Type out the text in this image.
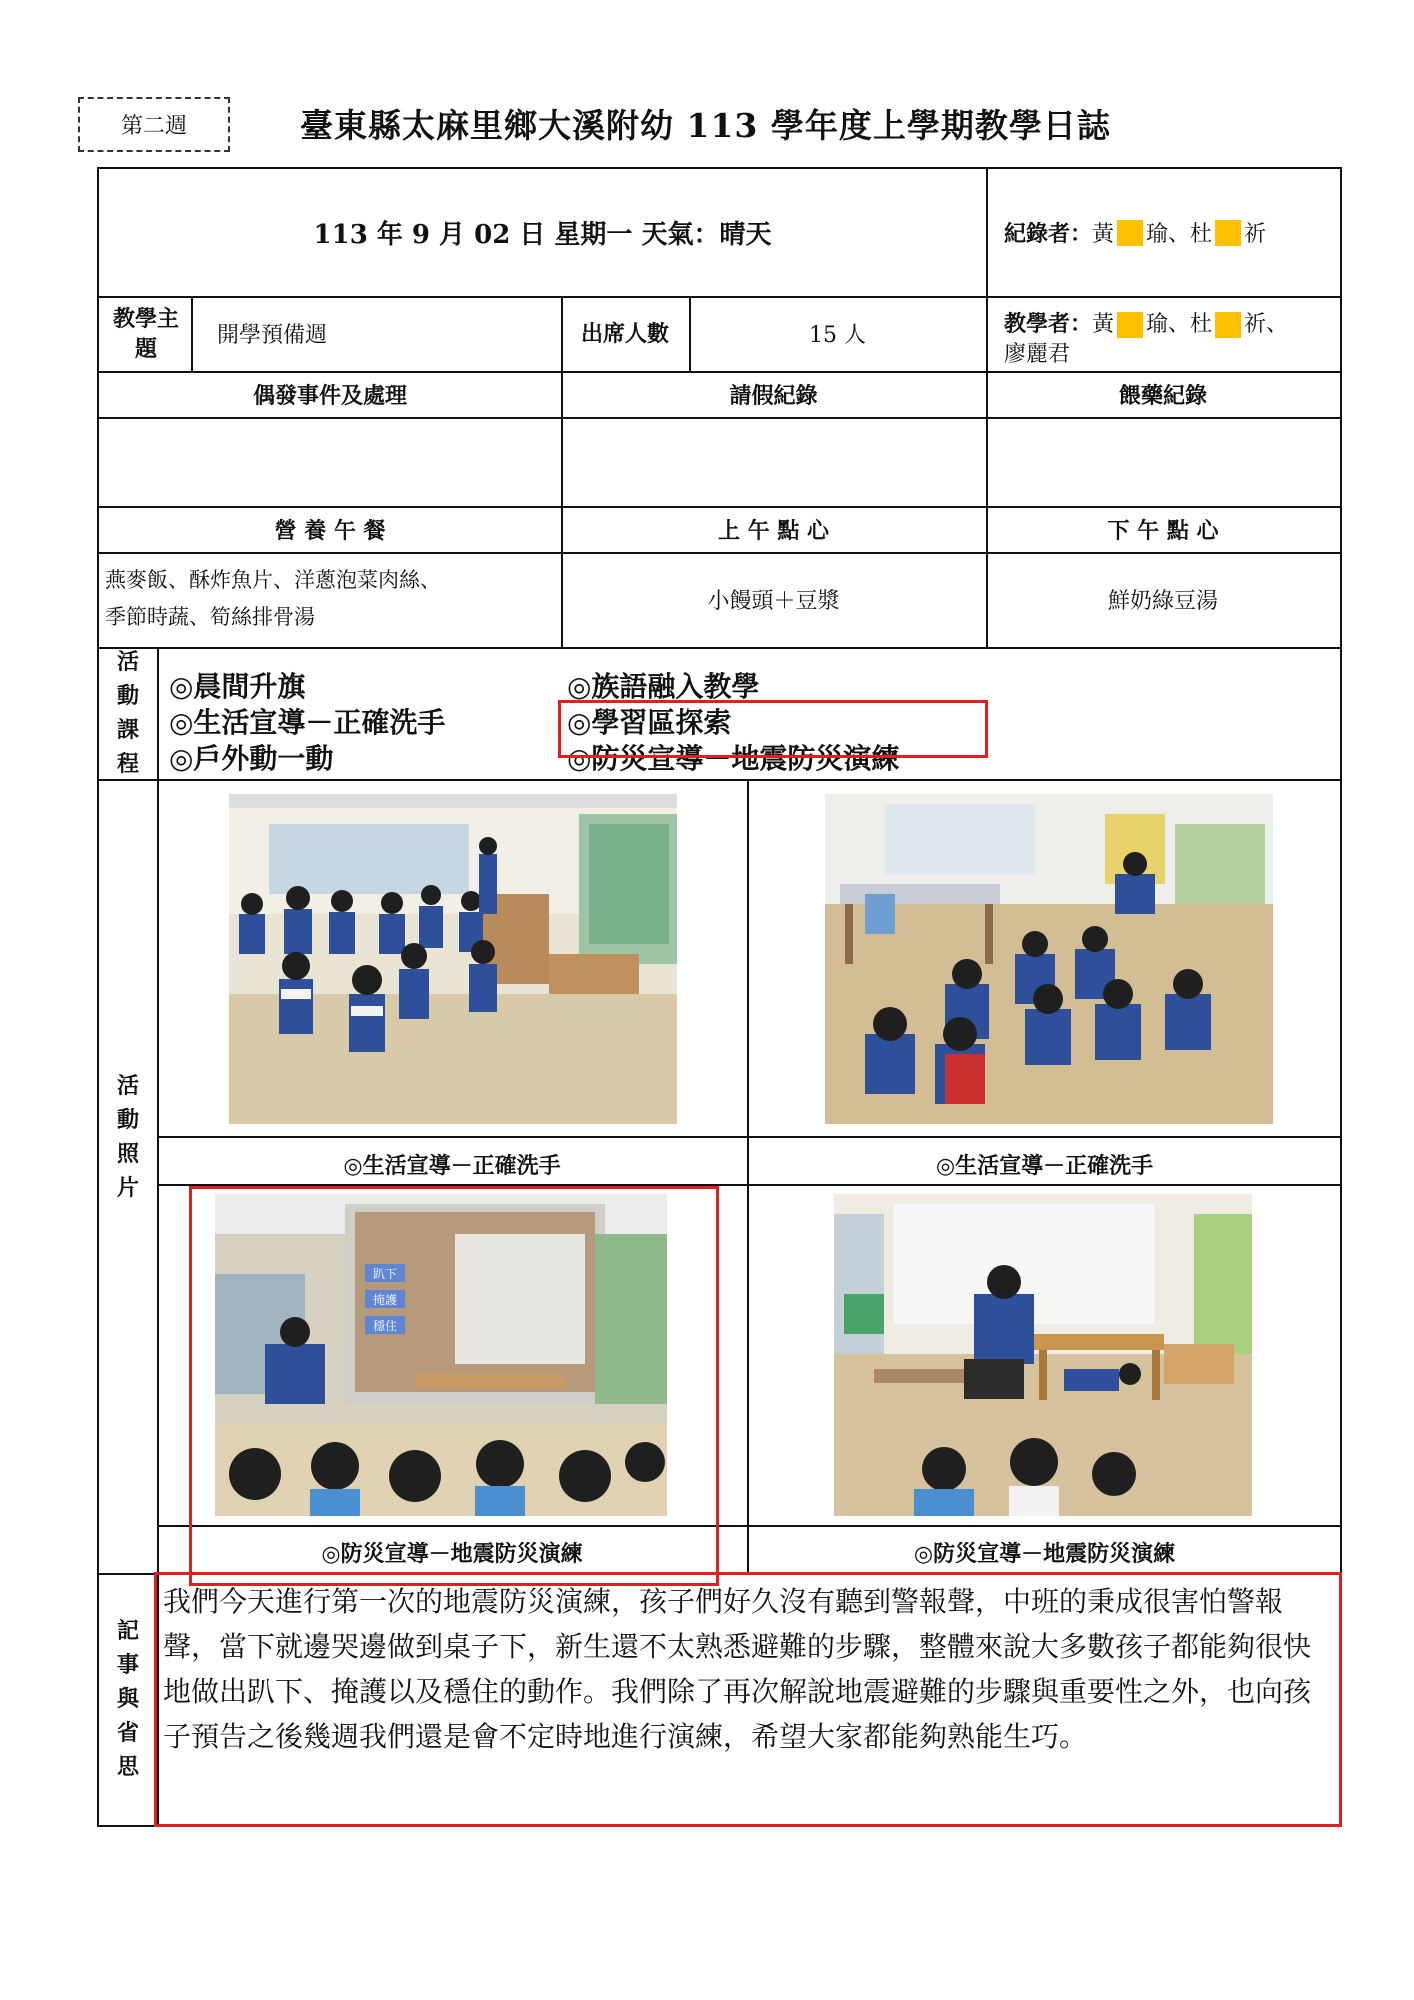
第二週	臺東縣太麻里鄉大溪附幼 113 學年度上學期教學日誌
113 年 9 月 02 日 星期一 天氣：晴天	紀錄者： 黃 瑜、杜 祈
教學主題
開學預備週	出席人數	15 人	教學者：黃 瑜、杜 祈、
廖麗君
偶發事件及處理	請假紀錄	餵藥紀錄
營 養 午 餐	上 午 點 心	下 午 點 心
燕麥飯、酥炸魚片、洋蔥泡菜肉絲、
季節時蔬、筍絲排骨湯
小饅頭＋豆漿	鮮奶綠豆湯
活
動
課
程
◎晨間升旗
◎生活宣導－正確洗手
◎戶外動一動
◎族語融入教學
◎學習區探索
◎防災宣導－地震防災演練
活
動
照
片
趴下
掩護
穩住
◎生活宣導－正確洗手	◎生活宣導－正確洗手
◎防災宣導－地震防災演練	◎防災宣導－地震防災演練
記
事
與
省
思
我們今天進行第一次的地震防災演練，孩子們好久沒有聽到警報聲，中班的秉成很害怕警報聲，當下就邊哭邊做到桌子下，新生還不太熟悉避難的步驟，整體來說大多數孩子都能夠很快地做出趴下、掩護以及穩住的動作。我們除了再次解說地震避難的步驟與重要性之外，也向孩子預告之後幾週我們還是會不定時地進行演練，希望大家都能夠熟能生巧。
